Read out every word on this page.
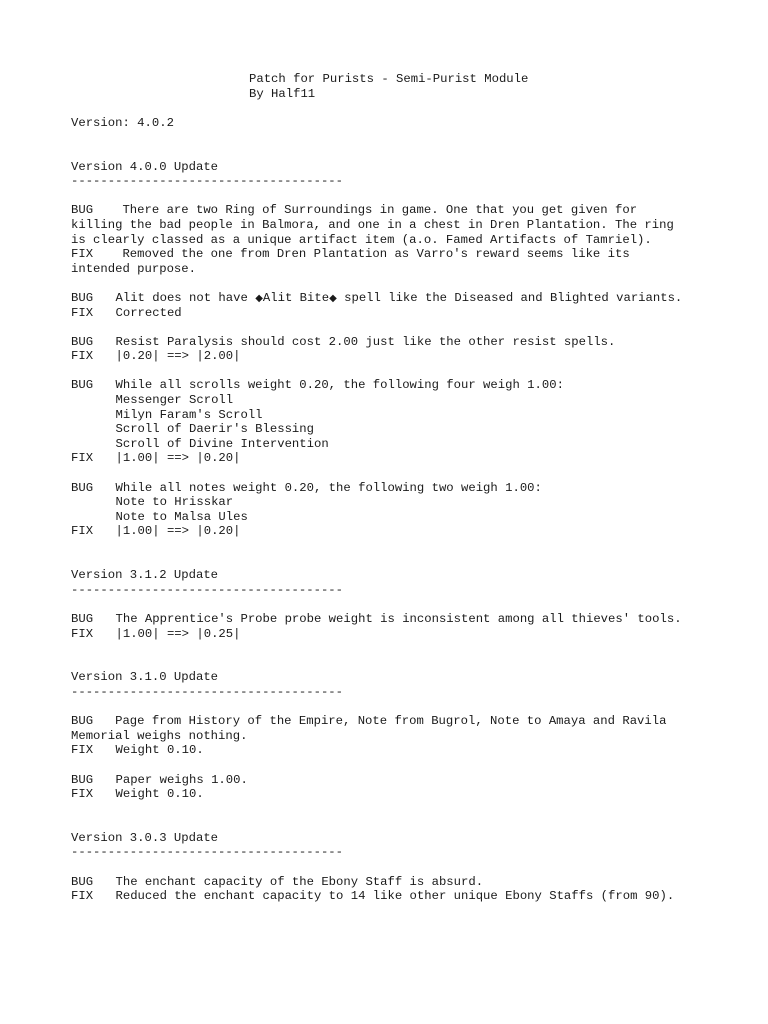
Patch for Purists - Semi-Purist Module
By Half11
Version: 4.0.2
Version 4.0.0 Update
-------------------------------------
BUG    There are two Ring of Surroundings in game. One that you get given for
killing the bad people in Balmora, and one in a chest in Dren Plantation. The ring
is clearly classed as a unique artifact item (a.o. Famed Artifacts of Tamriel).
FIX    Removed the one from Dren Plantation as Varro's reward seems like its
intended purpose.
BUG	Alit does not have ◆Alit Bite◆ spell like the Diseased and Blighted variants.
FIX	Corrected
BUG	Resist Paralysis should cost 2.00 just like the other resist spells.
FIX	|0.20| ==> |2.00|
BUG	While all scrolls weight 0.20, the following four weigh 1.00:
Messenger Scroll
Milyn Faram's Scroll
Scroll of Daerir's Blessing
Scroll of Divine Intervention
FIX	|1.00| ==> |0.20|
BUG	While all notes weight 0.20, the following two weigh 1.00:
Note to Hrisskar
Note to Malsa Ules
FIX	|1.00| ==> |0.20|
Version 3.1.2 Update
-------------------------------------
BUG	The Apprentice's Probe probe weight is inconsistent among all thieves' tools.
FIX	|1.00| ==> |0.25|
Version 3.1.0 Update
-------------------------------------
BUG   Page from History of the Empire, Note from Bugrol, Note to Amaya and Ravila
Memorial weighs nothing.
FIX	Weight 0.10.
BUG	Paper weighs 1.00.
FIX	Weight 0.10.
Version 3.0.3 Update
-------------------------------------
BUG	The enchant capacity of the Ebony Staff is absurd.
FIX	Reduced the enchant capacity to 14 like other unique Ebony Staffs (from 90).
